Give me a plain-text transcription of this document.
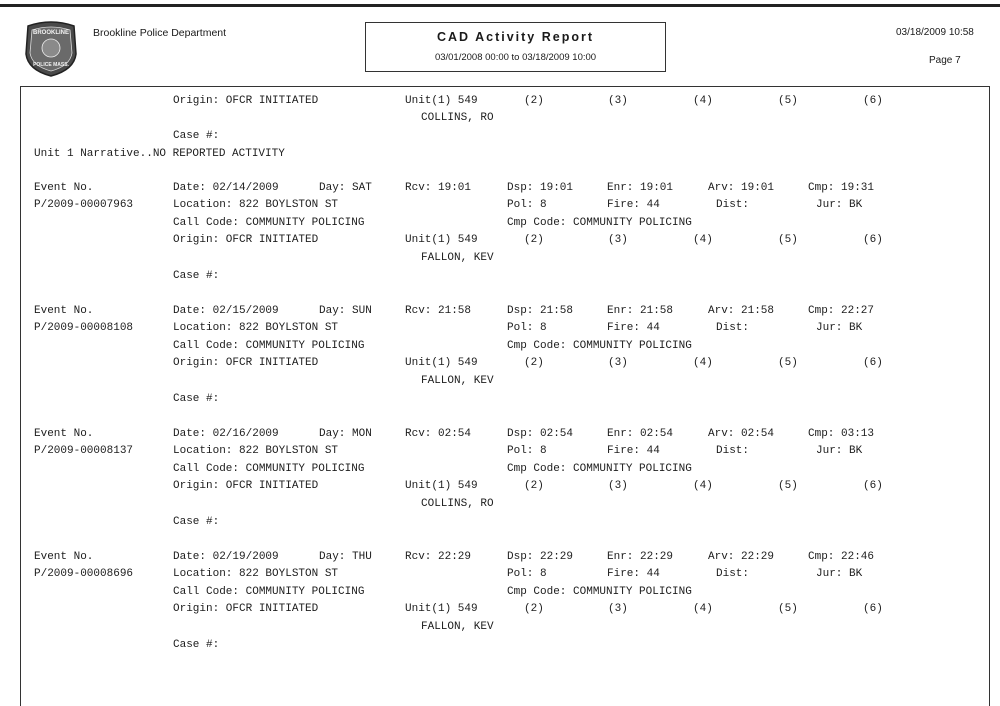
BROOKLINE
POLICE MASS.
Brookline Police Department	CAD Activity Report
03/01/2008 00:00 to 03/18/2009 10:00
03/18/2009 10:58
Page 7
Origin: OFCR INITIATED	Unit(1) 549	(2)	(3)	(4)	(5)	(6)
COLLINS, RO
Case #:
Unit 1 Narrative..NO REPORTED ACTIVITY
Event No.	Date: 02/14/2009	Day: SAT	Rcv: 19:01	Dsp: 19:01	Enr: 19:01	Arv: 19:01	Cmp: 19:31
P/2009-00007963	Location: 822 BOYLSTON ST	Pol: 8	Fire: 44	Dist:	Jur: BK
Call Code: COMMUNITY POLICING	Cmp Code: COMMUNITY POLICING
Origin: OFCR INITIATED	Unit(1) 549	(2)	(3)	(4)	(5)	(6)
FALLON, KEV
Case #:
Event No.	Date: 02/15/2009	Day: SUN	Rcv: 21:58	Dsp: 21:58	Enr: 21:58	Arv: 21:58	Cmp: 22:27
P/2009-00008108	Location: 822 BOYLSTON ST	Pol: 8	Fire: 44	Dist:	Jur: BK
Call Code: COMMUNITY POLICING	Cmp Code: COMMUNITY POLICING
Origin: OFCR INITIATED	Unit(1) 549	(2)	(3)	(4)	(5)	(6)
FALLON, KEV
Case #:
Event No.	Date: 02/16/2009	Day: MON	Rcv: 02:54	Dsp: 02:54	Enr: 02:54	Arv: 02:54	Cmp: 03:13
P/2009-00008137	Location: 822 BOYLSTON ST	Pol: 8	Fire: 44	Dist:	Jur: BK
Call Code: COMMUNITY POLICING	Cmp Code: COMMUNITY POLICING
Origin: OFCR INITIATED	Unit(1) 549	(2)	(3)	(4)	(5)	(6)
COLLINS, RO
Case #:
Event No.	Date: 02/19/2009	Day: THU	Rcv: 22:29	Dsp: 22:29	Enr: 22:29	Arv: 22:29	Cmp: 22:46
P/2009-00008696	Location: 822 BOYLSTON ST	Pol: 8	Fire: 44	Dist:	Jur: BK
Call Code: COMMUNITY POLICING	Cmp Code: COMMUNITY POLICING
Origin: OFCR INITIATED	Unit(1) 549	(2)	(3)	(4)	(5)	(6)
FALLON, KEV
Case #:
